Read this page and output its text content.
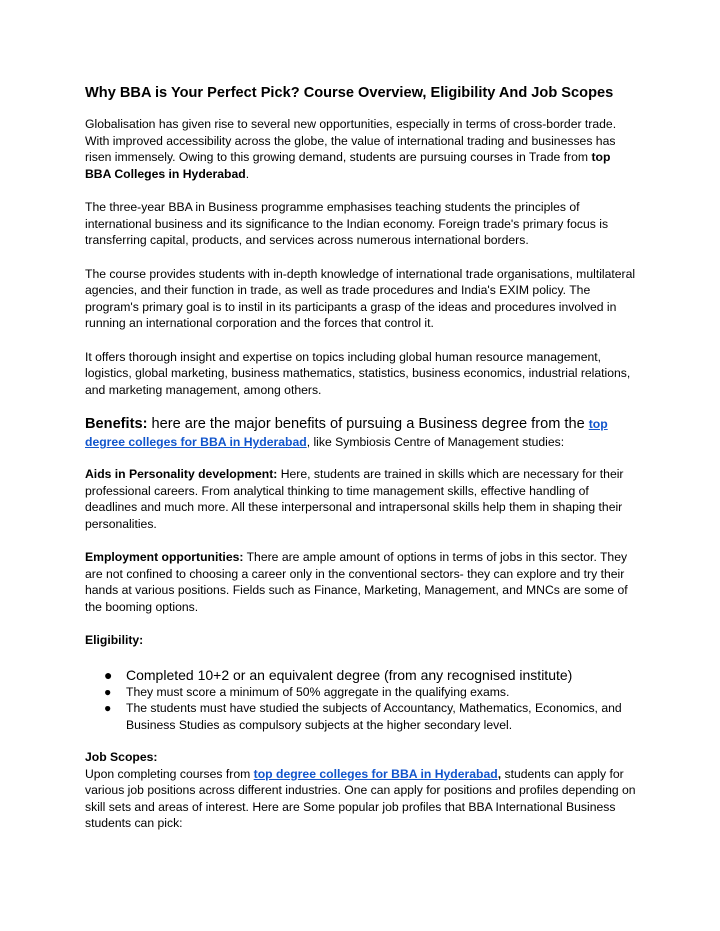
Why BBA is Your Perfect Pick? Course Overview, Eligibility And Job Scopes

Globalisation has given rise to several new opportunities, especially in terms of cross-border trade. With improved accessibility across the globe, the value of international trading and businesses has risen immensely. Owing to this growing demand, students are pursuing courses in Trade from top BBA Colleges in Hyderabad.

The three-year BBA in Business programme emphasises teaching students the principles of international business and its significance to the Indian economy. Foreign trade's primary focus is transferring capital, products, and services across numerous international borders.

The course provides students with in-depth knowledge of international trade organisations, multilateral agencies, and their function in trade, as well as trade procedures and India's EXIM policy. The program's primary goal is to instil in its participants a grasp of the ideas and procedures involved in running an international corporation and the forces that control it.

It offers thorough insight and expertise on topics including global human resource management, logistics, global marketing, business mathematics, statistics, business economics, industrial relations, and marketing management, among others.

Benefits: here are the major benefits of pursuing a Business degree from the top degree colleges for BBA in Hyderabad, like Symbiosis Centre of Management studies:

Aids in Personality development: Here, students are trained in skills which are necessary for their professional careers. From analytical thinking to time management skills, effective handling of deadlines and much more. All these interpersonal and intrapersonal skills help them in shaping their personalities.

Employment opportunities: There are ample amount of options in terms of jobs in this sector. They are not confined to choosing a career only in the conventional sectors- they can explore and try their hands at various positions. Fields such as Finance, Marketing, Management, and MNCs are some of the booming options.

Eligibility:

● Completed 10+2 or an equivalent degree (from any recognised institute)
● They must score a minimum of 50% aggregate in the qualifying exams.
● The students must have studied the subjects of Accountancy, Mathematics, Economics, and Business Studies as compulsory subjects at the higher secondary level.

Job Scopes:
Upon completing courses from top degree colleges for BBA in Hyderabad, students can apply for various job positions across different industries. One can apply for positions and profiles depending on skill sets and areas of interest. Here are Some popular job profiles that BBA International Business students can pick:
